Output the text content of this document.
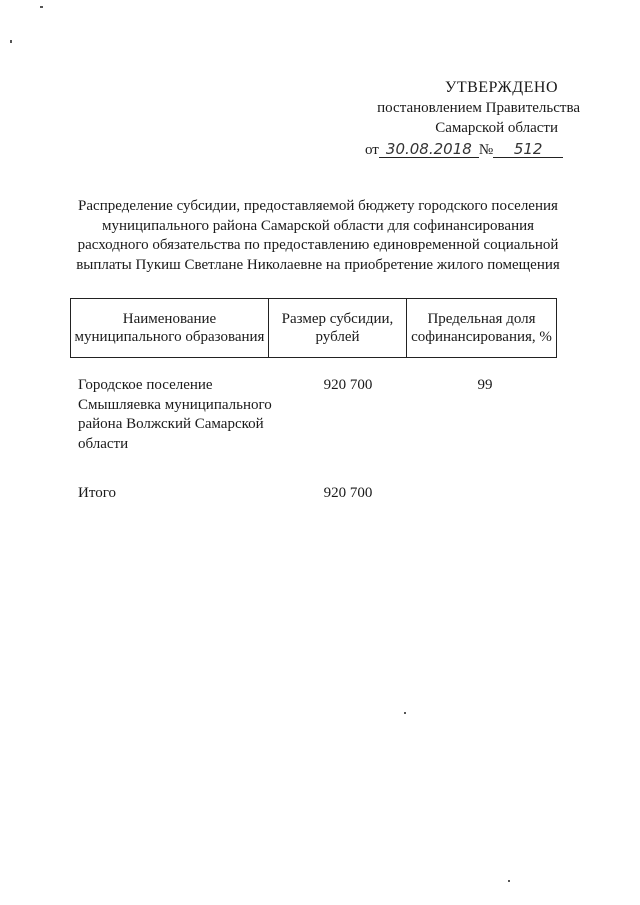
УТВЕРЖДЕНО
постановлением Правительства
Самарской области
от 30.08.2018 № 512
Распределение субсидии, предоставляемой бюджету городского поселения муниципального района Самарской области для софинансирования расходного обязательства по предоставлению единовременной социальной выплаты Пукиш Светлане Николаевне на приобретение жилого помещения
Наименование муниципального образования
Размер субсидии, рублей
Предельная доля софинансирования, %
Городское поселение Смышляевка муниципального района Волжский Самарской области
920 700	99
Итого	920 700
